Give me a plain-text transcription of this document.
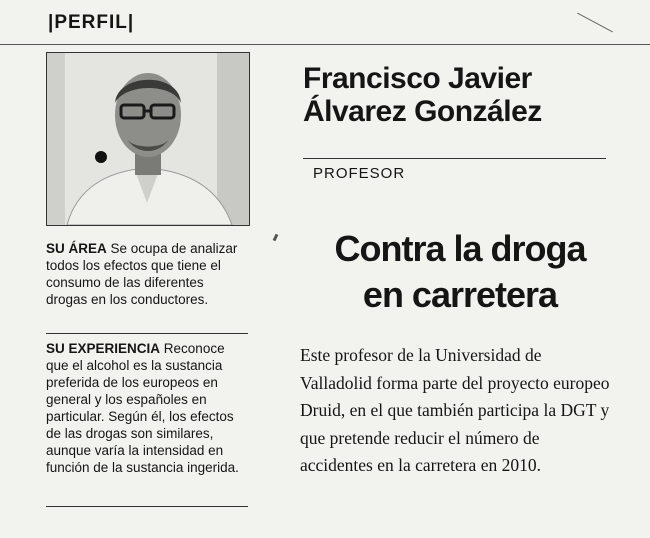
|PERFIL|
Francisco Javier
Álvarez González
PROFESOR
Contra la droga
en carretera

Este profesor de la Universidad de Valladolid forma parte del proyecto europeo Druid, en el que también participa la DGT y que pretende reducir el número de accidentes en la carretera en 2010.

SU ÁREA Se ocupa de analizar todos los efectos que tiene el consumo de las diferentes drogas en los conductores.

SU EXPERIENCIA Reconoce que el alcohol es la sustancia preferida de los europeos en general y los españoles en particular. Según él, los efectos de las drogas son similares, aunque varía la intensidad en función de la sustancia ingerida.
